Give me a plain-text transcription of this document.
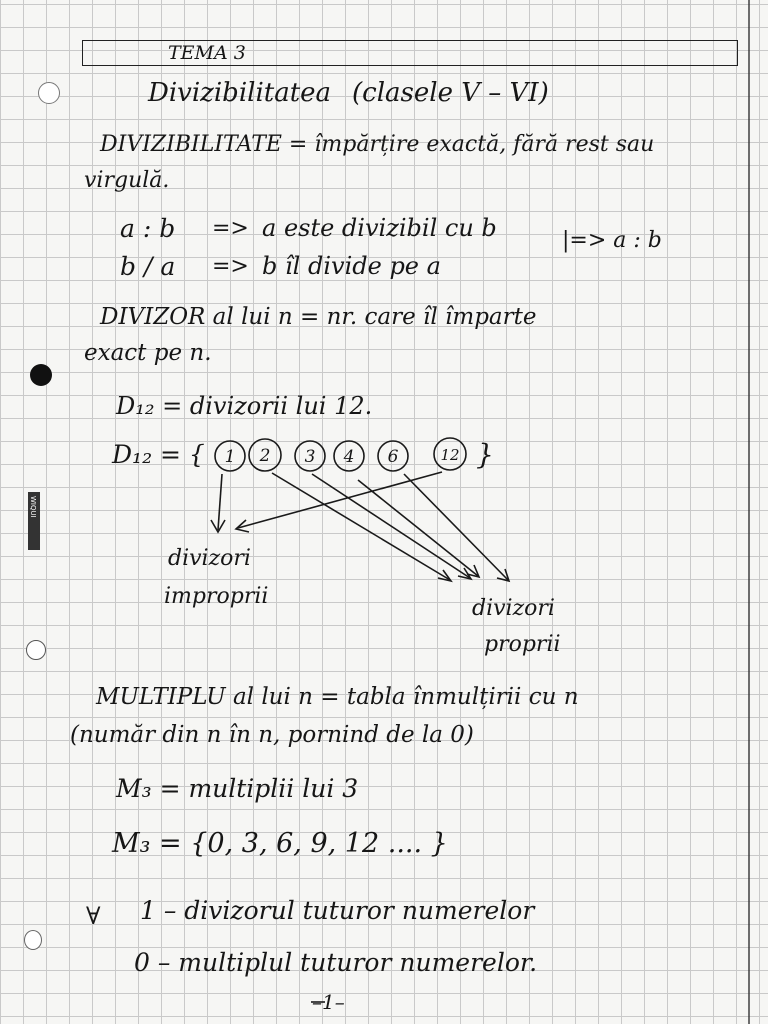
WIQUI
TEMA 3
Divizibilitatea (clasele V – VI)
DIVIZIBILITATE = împărțire exactă, fără rest sau
virgulă.
a : b => a este divizibil cu b
b / a => b îl divide pe a
|=> a : b
DIVIZOR al lui n = nr. care îl împarte
exact pe n.
D₁₂ = divizorii lui 12.
D₁₂ = {	}
1 2 3 4 6	12
divizori
improprii	divizori
proprii
MULTIPLU al lui n = tabla înmulțirii cu n
(număr din n în n, pornind de la 0)
M₃ = multiplii lui 3
M₃ = {0, 3, 6, 9, 12 .... }
∀ 1 – divizorul tuturor numerelor
0 – multiplul tuturor numerelor.
–1–
